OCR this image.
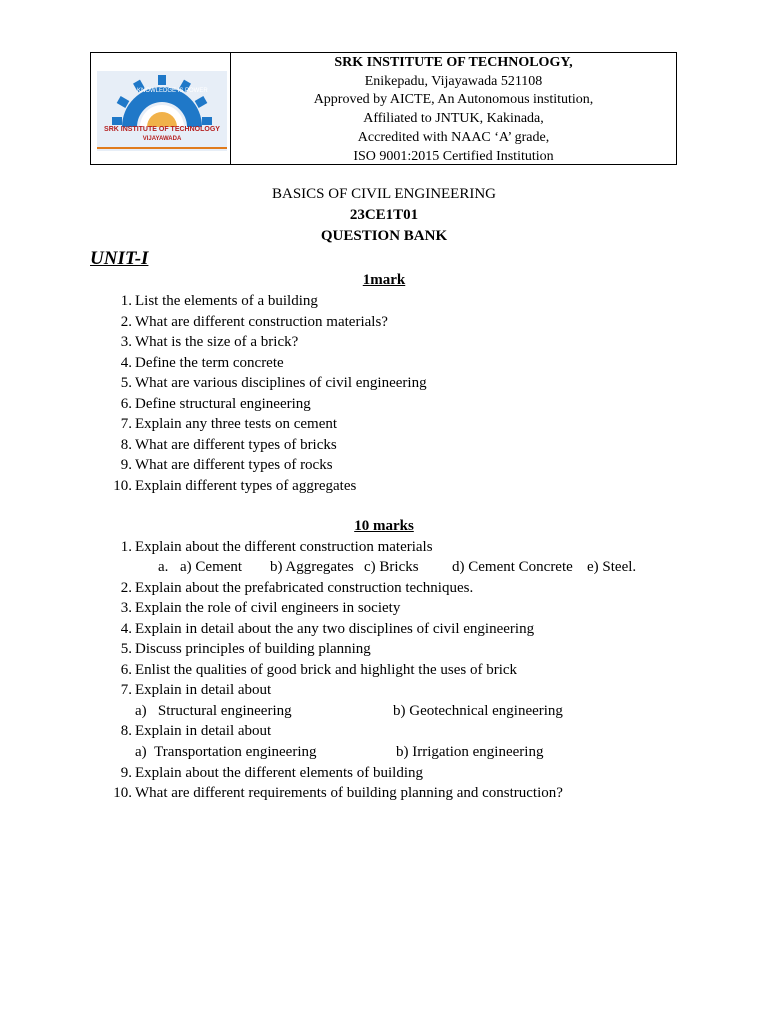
KNOWLEDGE IS POWER
SRK INSTITUTE OF TECHNOLOGY
VIJAYAWADA
SRK INSTITUTE OF TECHNOLOGY,
Enikepadu, Vijayawada 521108
Approved by AICTE, An Autonomous institution,
Affiliated to JNTUK, Kakinada,
Accredited with NAAC ‘A’ grade,
ISO 9001:2015 Certified Institution
BASICS OF CIVIL ENGINEERING
23CE1T01
QUESTION BANK
UNIT-I
1mark
1. List the elements of a building
2. What are different construction materials?
3. What is the size of a brick?
4. Define the term concrete
5. What are various disciplines of civil engineering
6. Define structural engineering
7. Explain any three tests on cement
8. What are different types of bricks
9. What are different types of rocks
10. Explain different types of aggregates
10 marks
1. Explain about the different construction materials
2. Explain about the prefabricated construction techniques.
3. Explain the role of civil engineers in society
4. Explain in detail about the any two disciplines of civil engineering
5. Discuss principles of building planning
6. Enlist the qualities of good brick and highlight the uses of brick
7. Explain in detail about
8. Explain in detail about
9. Explain about the different elements of building
10. What are different requirements of building planning and construction?
a. a) Cement b) Aggregates c) Bricks d) Cement Concrete e) Steel.
a)   Structural engineering	b) Geotechnical engineering
a)  Transportation engineering	b) Irrigation engineering
